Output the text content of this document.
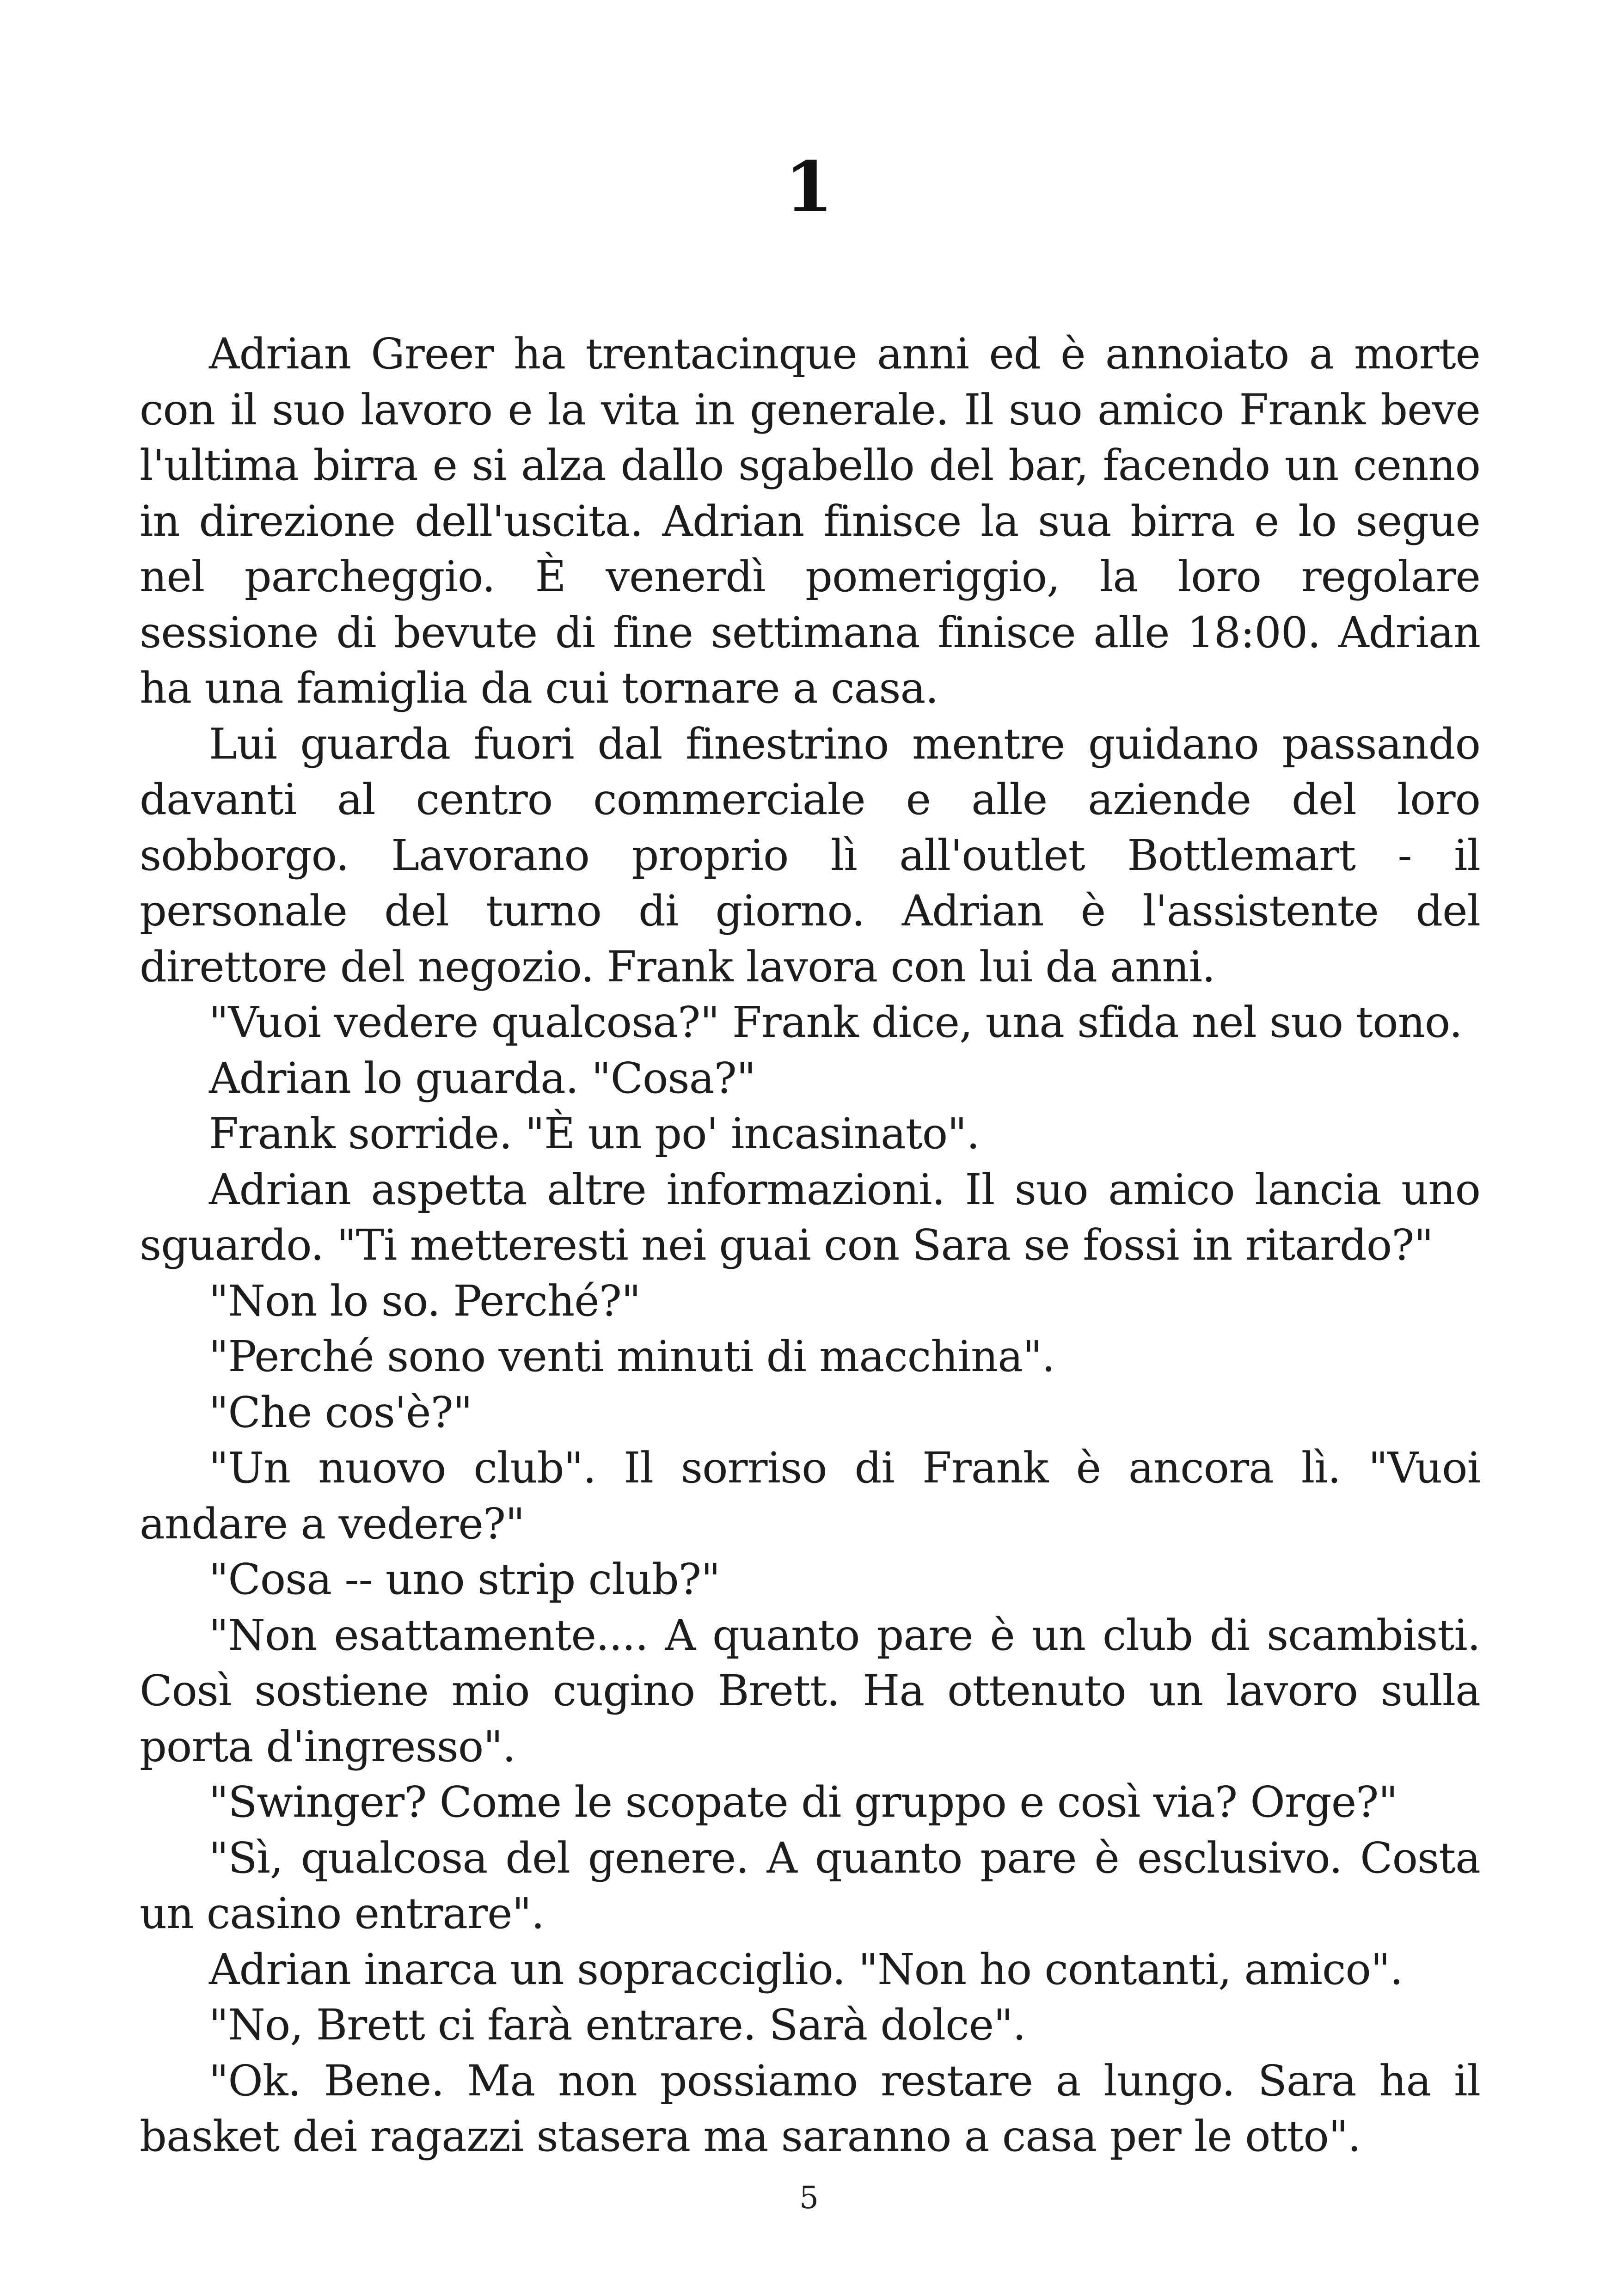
1

Adrian Greer ha trentacinque anni ed è annoiato a morte con il suo lavoro e la vita in generale. Il suo amico Frank beve l'ultima birra e si alza dallo sgabello del bar, facendo un cenno in direzione dell'uscita. Adrian finisce la sua birra e lo segue nel parcheggio. È venerdì pomeriggio, la loro regolare sessione di bevute di fine settimana finisce alle 18:00. Adrian ha una famiglia da cui tornare a casa.

Lui guarda fuori dal finestrino mentre guidano passando davanti al centro commerciale e alle aziende del loro sobborgo. Lavorano proprio lì all'outlet Bottlemart - il personale del turno di giorno. Adrian è l'assistente del direttore del negozio. Frank lavora con lui da anni.

"Vuoi vedere qualcosa?" Frank dice, una sfida nel suo tono.

Adrian lo guarda. "Cosa?"

Frank sorride. "È un po' incasinato".

Adrian aspetta altre informazioni. Il suo amico lancia uno sguardo. "Ti metteresti nei guai con Sara se fossi in ritardo?"

"Non lo so. Perché?"

"Perché sono venti minuti di macchina".

"Che cos'è?"

"Un nuovo club". Il sorriso di Frank è ancora lì. "Vuoi andare a vedere?"

"Cosa -- uno strip club?"

"Non esattamente.... A quanto pare è un club di scambisti. Così sostiene mio cugino Brett. Ha ottenuto un lavoro sulla porta d'ingresso".

"Swinger? Come le scopate di gruppo e così via? Orge?"

"Sì, qualcosa del genere. A quanto pare è esclusivo. Costa un casino entrare".

Adrian inarca un sopracciglio. "Non ho contanti, amico".

"No, Brett ci farà entrare. Sarà dolce".

"Ok. Bene. Ma non possiamo restare a lungo. Sara ha il basket dei ragazzi stasera ma saranno a casa per le otto".

5
